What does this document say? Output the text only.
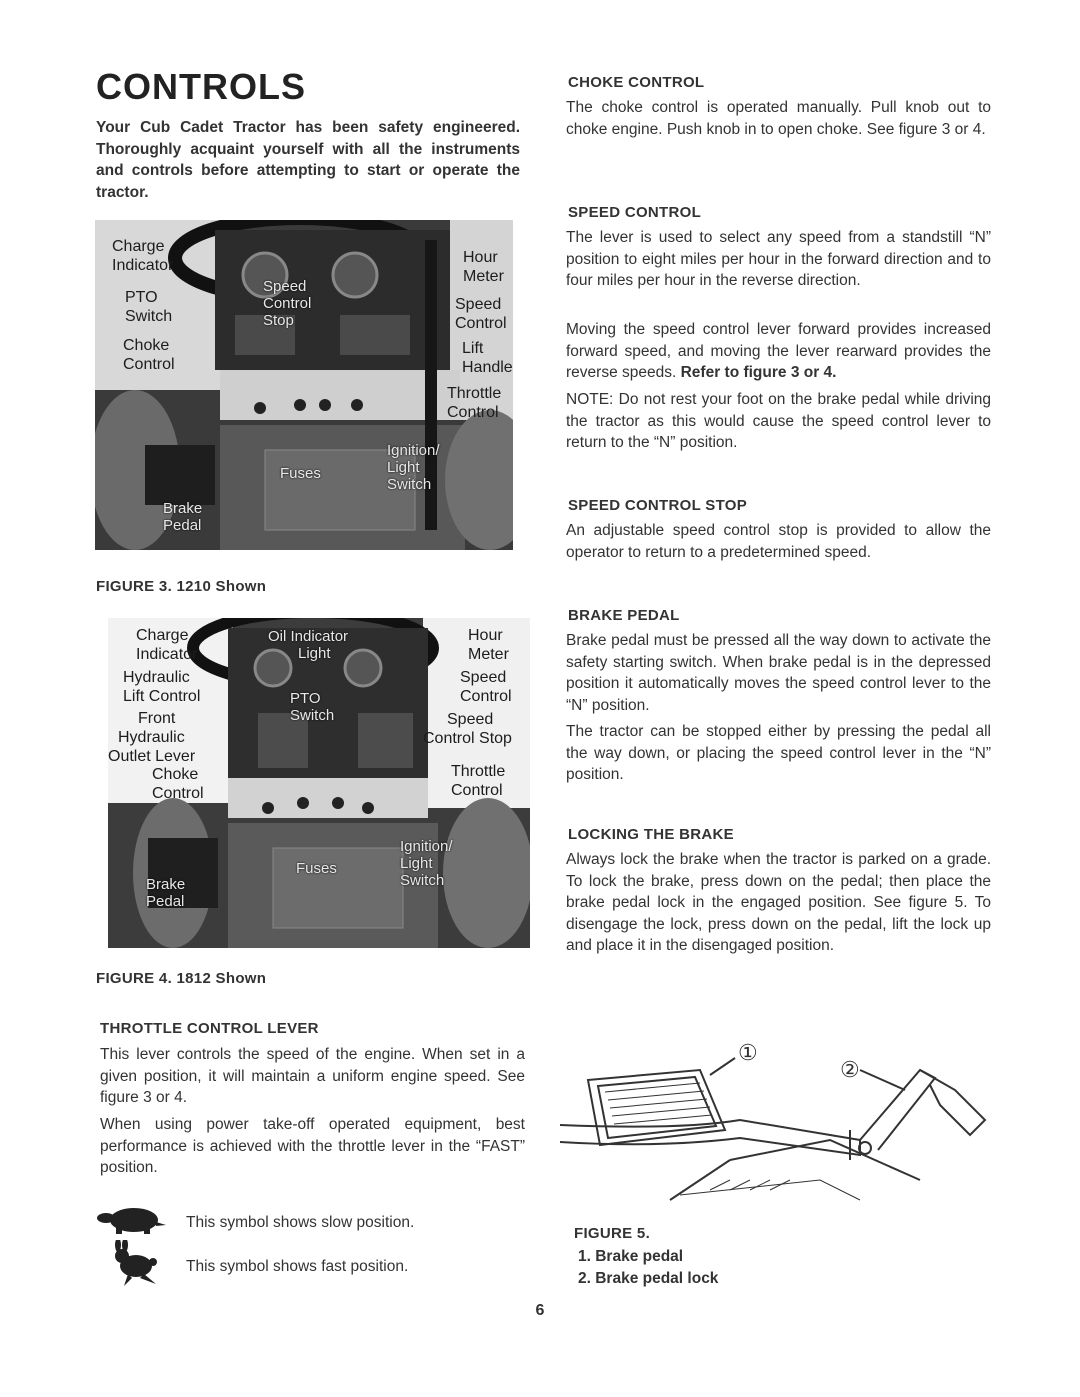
CONTROLS
Your Cub Cadet Tractor has been safety engineered. Thoroughly acquaint yourself with all the instruments and controls before attempting to start or operate the tractor.
Charge
Indicator
PTO
Switch
Choke
Control
Hour
Meter
Speed
Control
Lift
Handle
Throttle
Control
Speed
Control
Stop
Fuses
Ignition/
Light
Switch
Brake
Pedal
FIGURE 3. 1210 Shown
Charge
Indicator
Hydraulic
Lift Control
Front
Hydraulic
Outlet Lever
Choke
Control
Oil Indicator
Light
PTO
Switch
Hour
Meter
Speed
Control
Speed
Control Stop
Throttle
Control
Fuses
Ignition/
Light
Switch
Brake
Pedal
FIGURE 4. 1812 Shown
THROTTLE CONTROL LEVER
This lever controls the speed of the engine. When set in a given position, it will maintain a uniform engine speed. See figure 3 or 4.
When using power take-off operated equipment, best performance is achieved with the throttle lever in the “FAST” position.
This symbol shows slow position.
This symbol shows fast position.
CHOKE CONTROL
The choke control is operated manually. Pull knob out to choke engine. Push knob in to open choke. See figure 3 or 4.
SPEED CONTROL
The lever is used to select any speed from a standstill “N” position to eight miles per hour in the forward direction and to four miles per hour in the reverse direction.
Moving the speed control lever forward provides increased forward speed, and moving the lever rearward provides the reverse speeds. Refer to figure 3 or 4.
NOTE: Do not rest your foot on the brake pedal while driving the tractor as this would cause the speed control lever to return to the “N” position.
SPEED CONTROL STOP
An adjustable speed control stop is provided to allow the operator to return to a predetermined speed.
BRAKE PEDAL
Brake pedal must be pressed all the way down to activate the safety starting switch. When brake pedal is in the depressed position it automatically moves the speed control lever to the “N” position.
The tractor can be stopped either by pressing the pedal all the way down, or placing the speed control lever in the “N” position.
LOCKING THE BRAKE
Always lock the brake when the tractor is parked on a grade. To lock the brake, press down on the pedal; then place the brake pedal lock in the engaged position. See figure 5. To disengage the lock, press down on the pedal, lift the lock up and place it in the disengaged position.
①
②
FIGURE 5.
1. Brake pedal
2. Brake pedal lock
6
